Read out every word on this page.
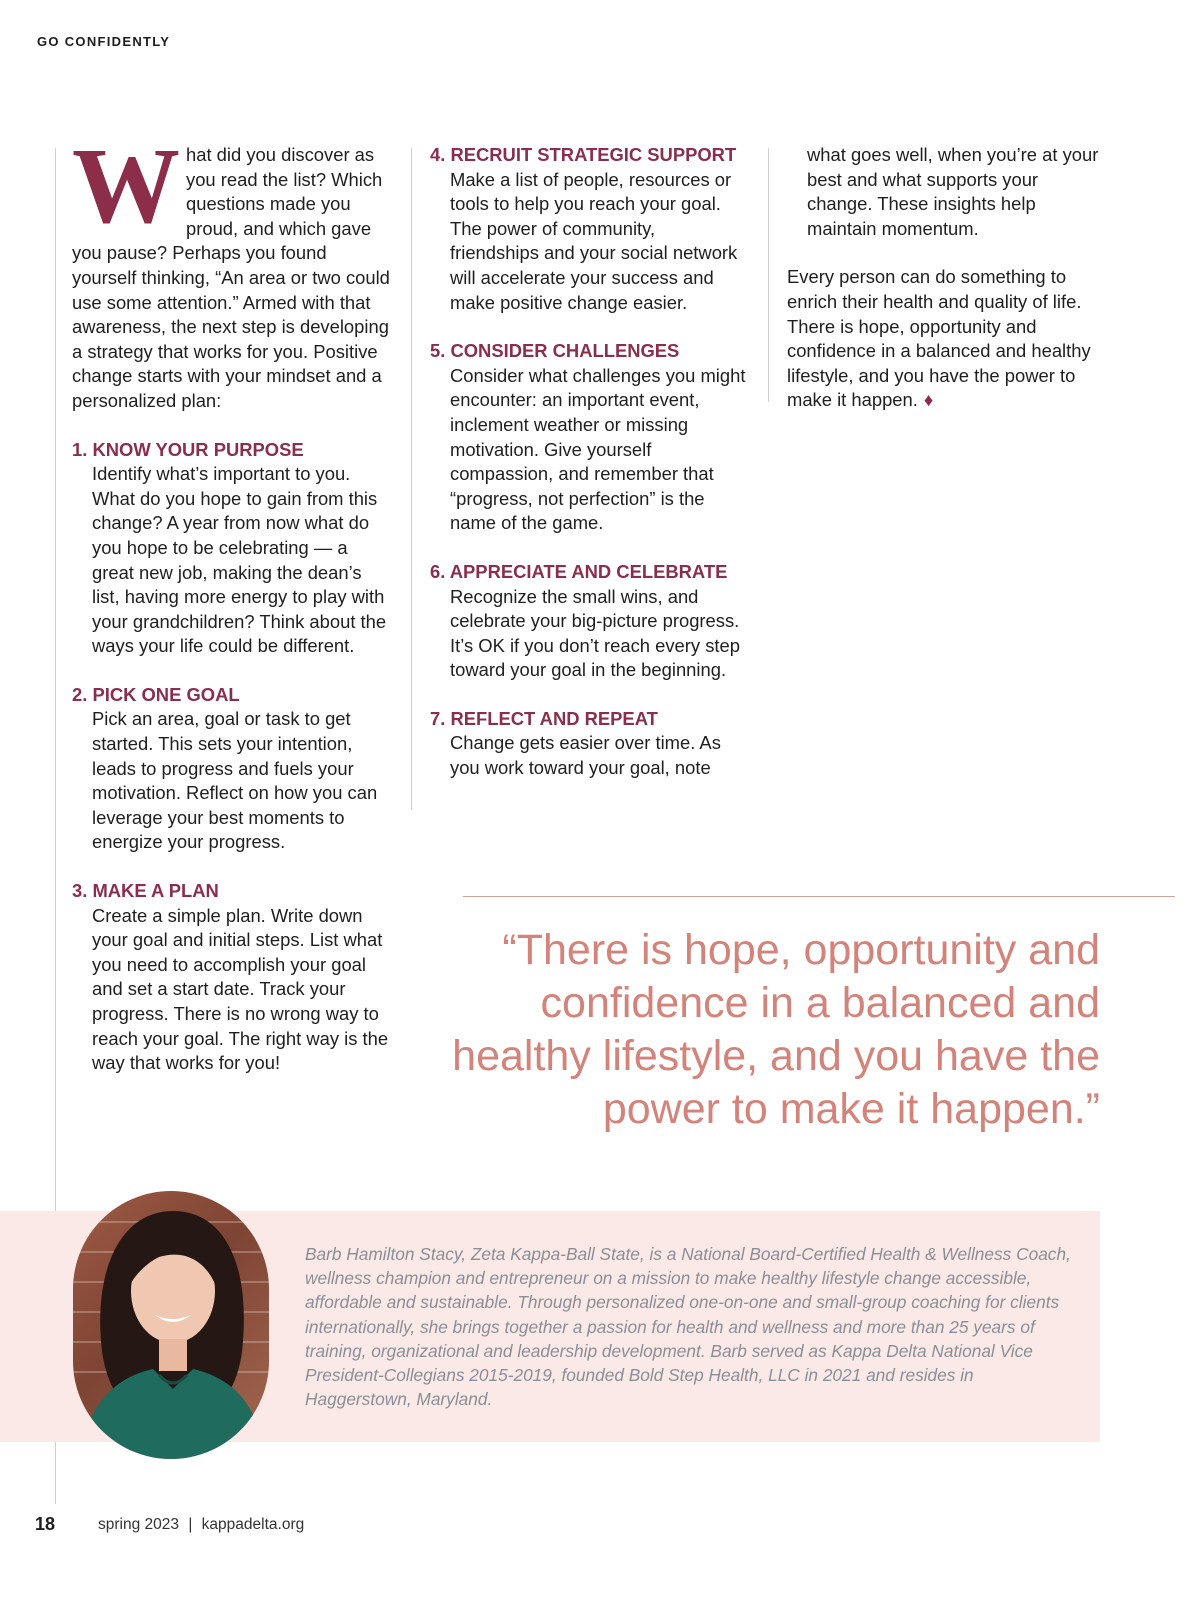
GO CONFIDENTLY

What did you discover as you read the list? Which questions made you proud, and which gave you pause? Perhaps you found yourself thinking, “An area or two could use some attention.” Armed with that awareness, the next step is developing a strategy that works for you. Positive change starts with your mindset and a personalized plan:

1. KNOW YOUR PURPOSE
Identify what’s important to you. What do you hope to gain from this change? A year from now what do you hope to be celebrating — a great new job, making the dean’s list, having more energy to play with your grandchildren? Think about the ways your life could be different.
2. PICK ONE GOAL
Pick an area, goal or task to get started. This sets your intention, leads to progress and fuels your motivation. Reflect on how you can leverage your best moments to energize your progress.
3. MAKE A PLAN
Create a simple plan. Write down your goal and initial steps. List what you need to accomplish your goal and set a start date. Track your progress. There is no wrong way to reach your goal. The right way is the way that works for you!
4. RECRUIT STRATEGIC SUPPORT
Make a list of people, resources or tools to help you reach your goal. The power of community, friendships and your social network will accelerate your success and make positive change easier.
5. CONSIDER CHALLENGES
Consider what challenges you might encounter: an important event, inclement weather or missing motivation. Give yourself compassion, and remember that “progress, not perfection” is the name of the game.
6. APPRECIATE AND CELEBRATE
Recognize the small wins, and celebrate your big-picture progress. It’s OK if you don’t reach every step toward your goal in the beginning.
7. REFLECT AND REPEAT
Change gets easier over time. As you work toward your goal, note
what goes well, when you’re at your best and what supports your change. These insights help maintain momentum.

Every person can do something to enrich their health and quality of life. There is hope, opportunity and confidence in a balanced and healthy lifestyle, and you have the power to make it happen. ♦

“There is hope, opportunity and confidence in a balanced and healthy lifestyle, and you have the power to make it happen.”
Barb Hamilton Stacy, Zeta Kappa-Ball State, is a National Board-Certified Health & Wellness Coach, wellness champion and entrepreneur on a mission to make healthy lifestyle change accessible, affordable and sustainable. Through personalized one-on-one and small-group coaching for clients internationally, she brings together a passion for health and wellness and more than 25 years of training, organizational and leadership development. Barb served as Kappa Delta National Vice President-Collegians 2015-2019, founded Bold Step Health, LLC in 2021 and resides in Haggerstown, Maryland.
18	spring 2023 | kappadelta.org
